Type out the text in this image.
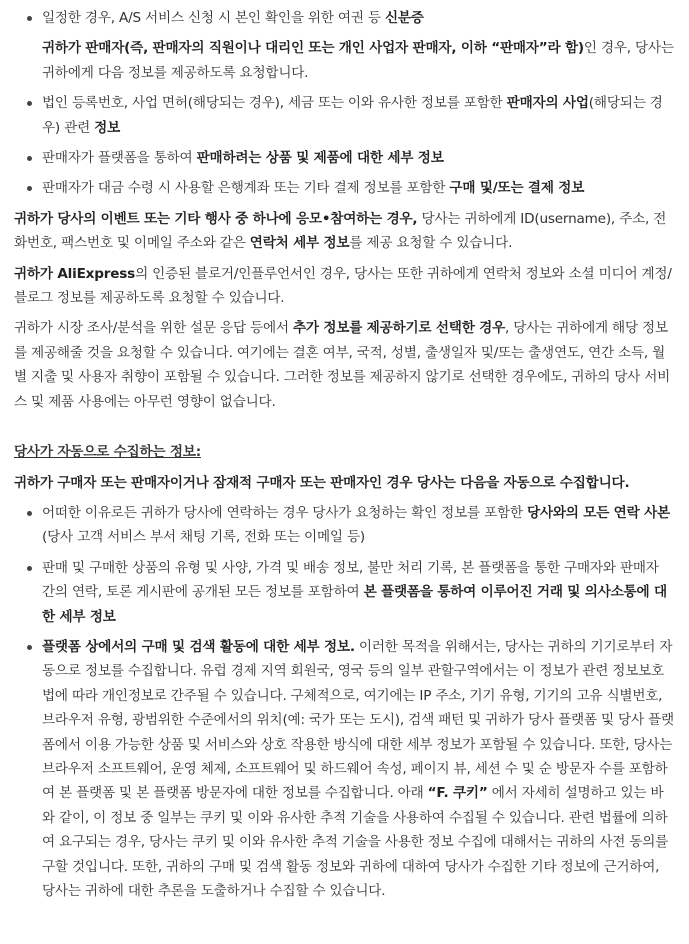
일정한 경우, A/S 서비스 신청 시 본인 확인을 위한 여권 등 신분증

귀하가 판매자(즉, 판매자의 직원이나 대리인 또는 개인 사업자 판매자, 이하 “판매자”라 함)인 경우, 당사는 귀하에게 다음 정보를 제공하도록 요청합니다.

법인 등록번호, 사업 면허(해당되는 경우), 세금 또는 이와 유사한 정보를 포함한 판매자의 사업(해당되는 경우) 관련 정보
판매자가 플랫폼을 통하여 판매하려는 상품 및 제품에 대한 세부 정보
판매자가 대금 수령 시 사용할 은행계좌 또는 기타 결제 정보를 포함한 구매 및/또는 결제 정보

귀하가 당사의 이벤트 또는 기타 행사 중 하나에 응모•참여하는 경우, 당사는 귀하에게 ID(username), 주소, 전화번호, 팩스번호 및 이메일 주소와 같은 연락처 세부 정보를 제공 요청할 수 있습니다.

귀하가 AliExpress의 인증된 블로거/인플루언서인 경우, 당사는 또한 귀하에게 연락처 정보와 소셜 미디어 계정/블로그 정보를 제공하도록 요청할 수 있습니다.

귀하가 시장 조사/분석을 위한 설문 응답 등에서 추가 정보를 제공하기로 선택한 경우, 당사는 귀하에게 해당 정보를 제공해줄 것을 요청할 수 있습니다. 여기에는 결혼 여부, 국적, 성별, 출생일자 및/또는 출생연도, 연간 소득, 월별 지출 및 사용자 취향이 포함될 수 있습니다. 그러한 정보를 제공하지 않기로 선택한 경우에도, 귀하의 당사 서비스 및 제품 사용에는 아무런 영향이 없습니다.

당사가 자동으로 수집하는 정보:

귀하가 구매자 또는 판매자이거나 잠재적 구매자 또는 판매자인 경우 당사는 다음을 자동으로 수집합니다.

어떠한 이유로든 귀하가 당사에 연락하는 경우 당사가 요청하는 확인 정보를 포함한 당사와의 모든 연락 사본(당사 고객 서비스 부서 채팅 기록, 전화 또는 이메일 등)
판매 및 구매한 상품의 유형 및 사양, 가격 및 배송 정보, 불만 처리 기록, 본 플랫폼을 통한 구매자와 판매자 간의 연락, 토론 게시판에 공개된 모든 정보를 포함하여 본 플랫폼을 통하여 이루어진 거래 및 의사소통에 대한 세부 정보
플랫폼 상에서의 구매 및 검색 활동에 대한 세부 정보. 이러한 목적을 위해서는, 당사는 귀하의 기기로부터 자동으로 정보를 수집합니다. 유럽 경제 지역 회원국, 영국 등의 일부 관할구역에서는 이 정보가 관련 정보보호법에 따라 개인정보로 간주될 수 있습니다. 구체적으로, 여기에는 IP 주소, 기기 유형, 기기의 고유 식별번호, 브라우저 유형, 광범위한 수준에서의 위치(예: 국가 또는 도시), 검색 패턴 및 귀하가 당사 플랫폼 및 당사 플랫폼에서 이용 가능한 상품 및 서비스와 상호 작용한 방식에 대한 세부 정보가 포함될 수 있습니다. 또한, 당사는 브라우저 소프트웨어, 운영 체제, 소프트웨어 및 하드웨어 속성, 페이지 뷰, 세션 수 및 순 방문자 수를 포함하여 본 플랫폼 및 본 플랫폼 방문자에 대한 정보를 수집합니다. 아래 “F. 쿠키” 에서 자세히 설명하고 있는 바와 같이, 이 정보 중 일부는 쿠키 및 이와 유사한 추적 기술을 사용하여 수집될 수 있습니다. 관련 법률에 의하여 요구되는 경우, 당사는 쿠키 및 이와 유사한 추적 기술을 사용한 정보 수집에 대해서는 귀하의 사전 동의를 구할 것입니다. 또한, 귀하의 구매 및 검색 활동 정보와 귀하에 대하여 당사가 수집한 기타 정보에 근거하여, 당사는 귀하에 대한 추론을 도출하거나 수집할 수 있습니다.
